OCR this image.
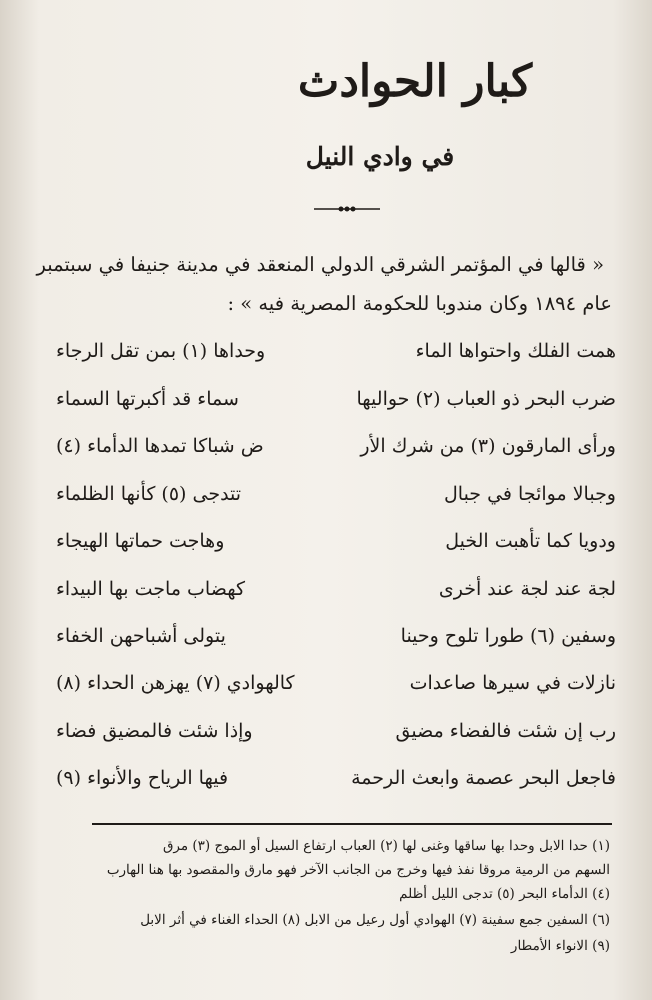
كبار الحوادث
في وادي النيل
« قالها في المؤتمر الشرقي الدولي المنعقد في مدينة جنيفا في سبتمبر
عام ١٨٩٤ وكان مندوبا للحكومة المصرية فيه » :
همت الفلك واحتواها الماء
وحداها (١) بمن تقل الرجاء
ضرب البحر ذو العباب (٢) حواليها
سماء قد أكبرتها السماء
ورأى المارقون (٣) من شرك الأر
ض شباكا تمدها الدأماء (٤)
وجبالا موائجا في جبال
تتدجى (٥) كأنها الظلماء
ودويا كما تأهبت الخيل
وهاجت حماتها الهيجاء
لجة عند لجة عند أخرى
كهضاب ماجت بها البيداء
وسفين (٦) طورا تلوح وحينا
يتولى أشباحهن الخفاء
نازلات في سيرها صاعدات
كالهوادي (٧) يهزهن الحداء (٨)
رب إن شئت فالفضاء مضيق
وإذا شئت فالمضيق فضاء
فاجعل البحر عصمة وابعث الرحمة
فيها الرياح والأنواء (٩)
(١) حدا الابل وحدا بها ساقها وغنى لها (٢) العباب ارتفاع السيل أو الموج (٣) مرق
السهم من الرمية مروقا نفذ فيها وخرج من الجانب الآخر فهو مارق والمقصود بها هنا الهارب
(٤) الدأماء البحر (٥) تدجى الليل أظلم
(٦) السفين جمع سفينة (٧) الهوادي أول رعيل من الابل (٨) الحداء الغناء في أثر الابل
(٩) الانواء الأمطار
